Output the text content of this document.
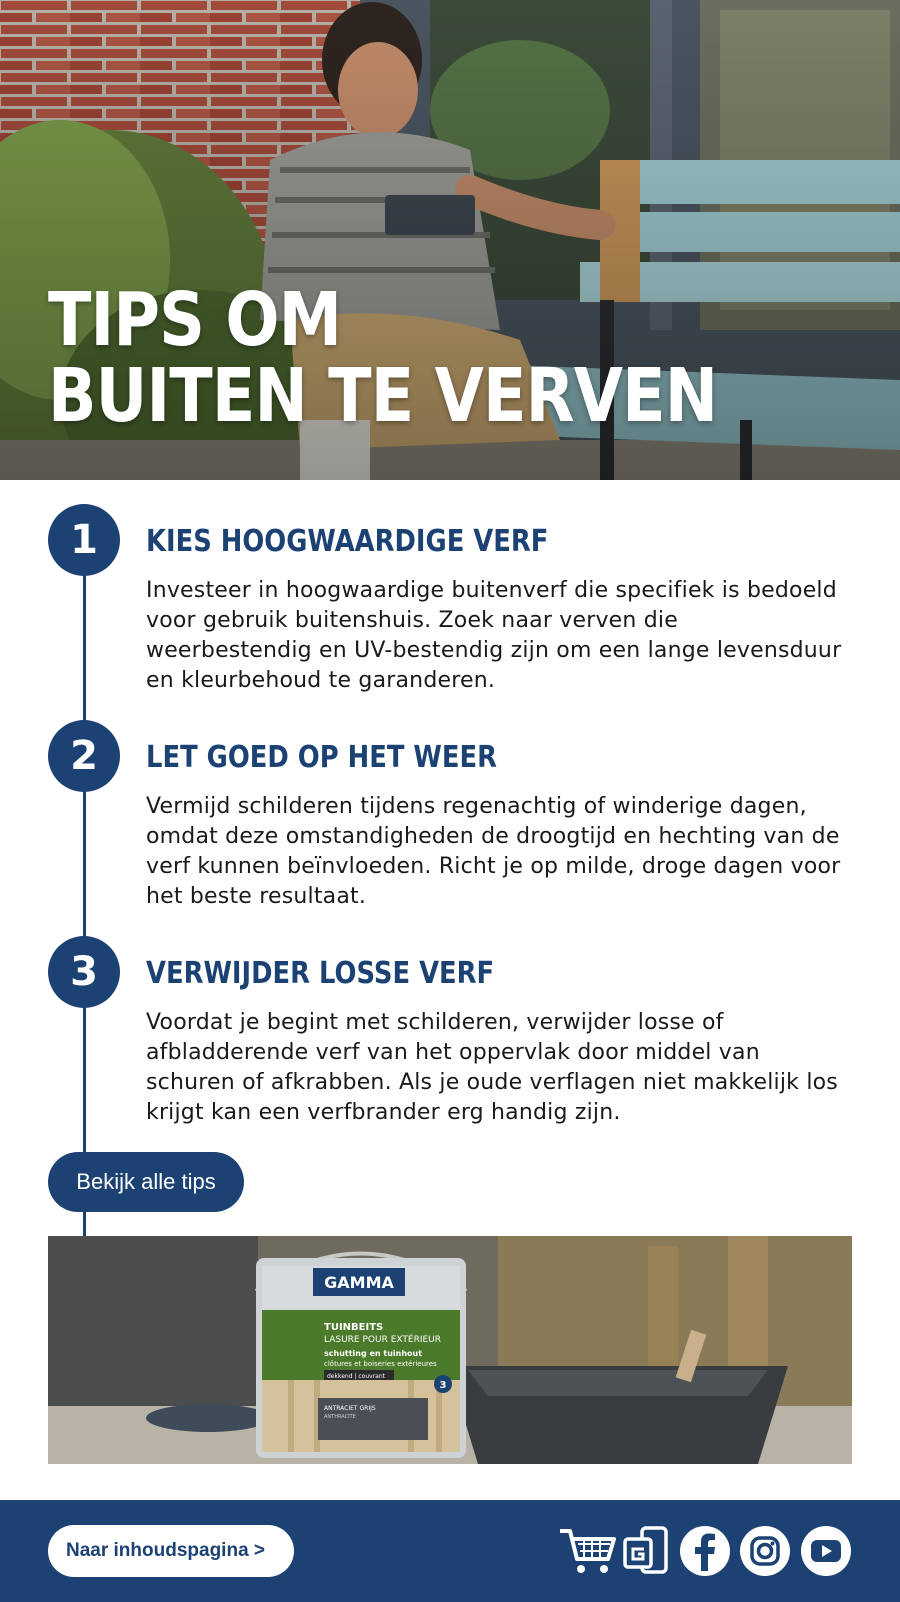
TIPS OM
BUITEN TE VERVEN
1	KIES HOOGWAARDIGE VERF

Investeer in hoogwaardige buitenverf die specifiek is bedoeld voor gebruik buitenshuis. Zoek naar verven die weerbestendig en UV-bestendig zijn om een lange levensduur en kleurbehoud te garanderen.

2	LET GOED OP HET WEER

Vermijd schilderen tijdens regenachtig of winderige dagen, omdat deze omstandigheden de droogtijd en hechting van de verf kunnen beïnvloeden. Richt je op milde, droge dagen voor het beste resultaat.

3	VERWIJDER LOSSE VERF

Voordat je begint met schilderen, verwijder losse of afbladderende verf van het oppervlak door middel van schuren of afkrabben. Als je oude verflagen niet makkelijk los krijgt kan een verfbrander erg handig zijn.

Bekijk alle tips
GAMMA
TUINBEITS
LASURE POUR EXTÉRIEUR
schutting en tuinhout
clôtures et boiseries extérieures
dekkend | couvrant
3
ANTRACIET GRIJS
ANTHRACITE
Naar inhoudspagina >
